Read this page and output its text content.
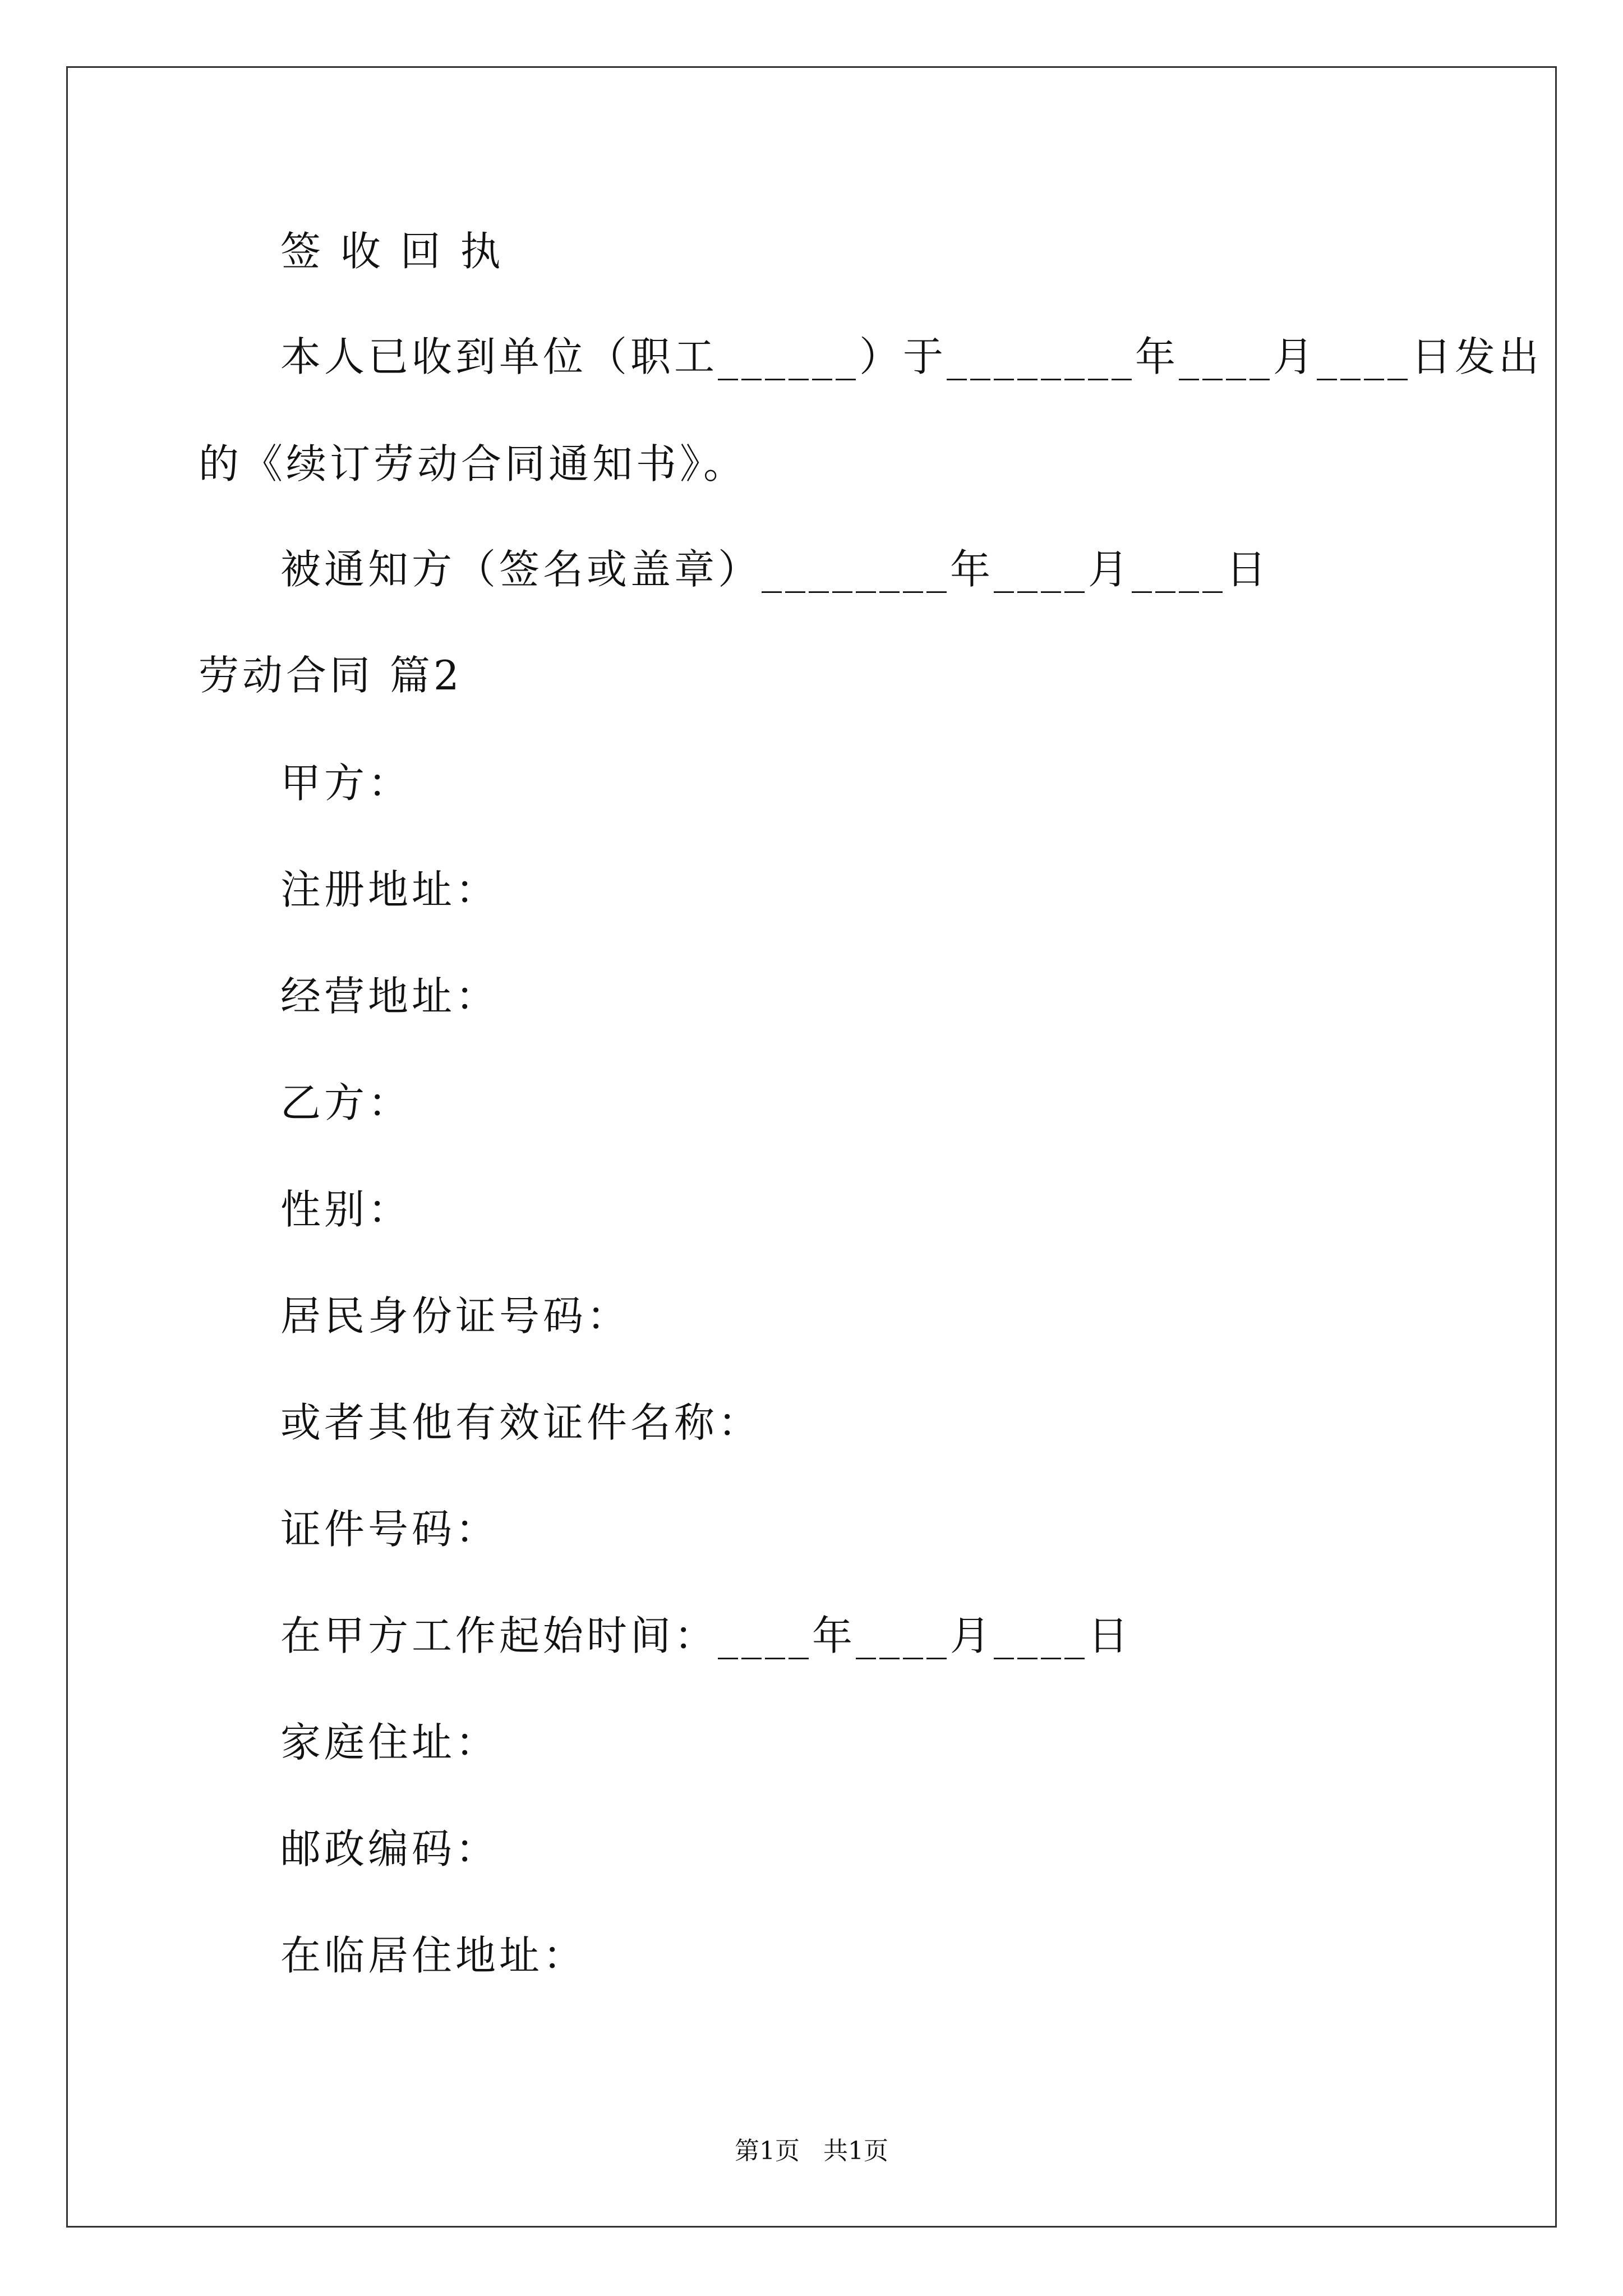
签 收 回 执
本人已收到单位（职工______）于________年____月____日发出
的《续订劳动合同通知书》。
被通知方（签名或盖章）________年____月____日
劳动合同 篇2
甲方：
注册地址：
经营地址：
乙方：
性别：
居民身份证号码：
或者其他有效证件名称：
证件号码：
在甲方工作起始时间：____年____月____日
家庭住址：
邮政编码：
在临居住地址：
第1页   共1页
